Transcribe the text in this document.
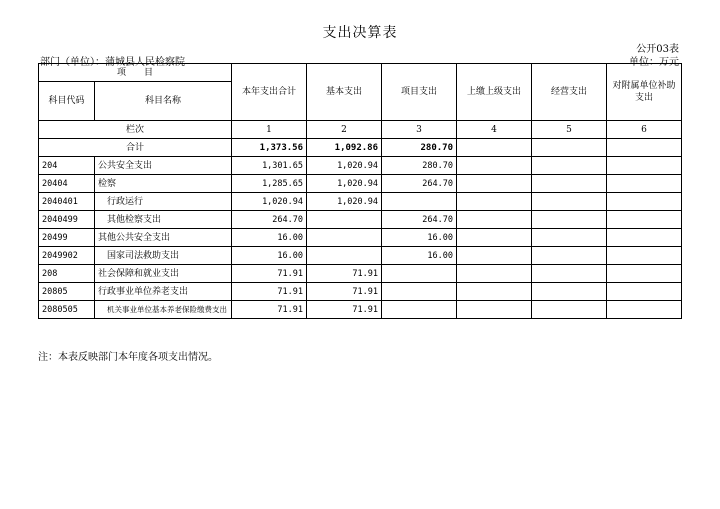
支出决算表
公开03表
部门（单位）：蒲城县人民检察院	单位：万元
项　　目		本年支出合计	基本支出	项目支出	上缴上级支出	经营支出	对附属单位补助支出
科目代码	科目名称						
栏次		1	2	3	4	5	6
合计		1,373.56	1,092.86	280.70			
204	公共安全支出	1,301.65	1,020.94	280.70			
20404	检察	1,285.65	1,020.94	264.70			
2040401	行政运行	1,020.94	1,020.94				
2040499	其他检察支出	264.70		264.70			
20499	其他公共安全支出	16.00		16.00			
2049902	国家司法救助支出	16.00		16.00			
208	社会保障和就业支出	71.91	71.91				
20805	行政事业单位养老支出	71.91	71.91				
2080505	机关事业单位基本养老保险缴费支出	71.91	71.91				
注：本表反映部门本年度各项支出情况。
